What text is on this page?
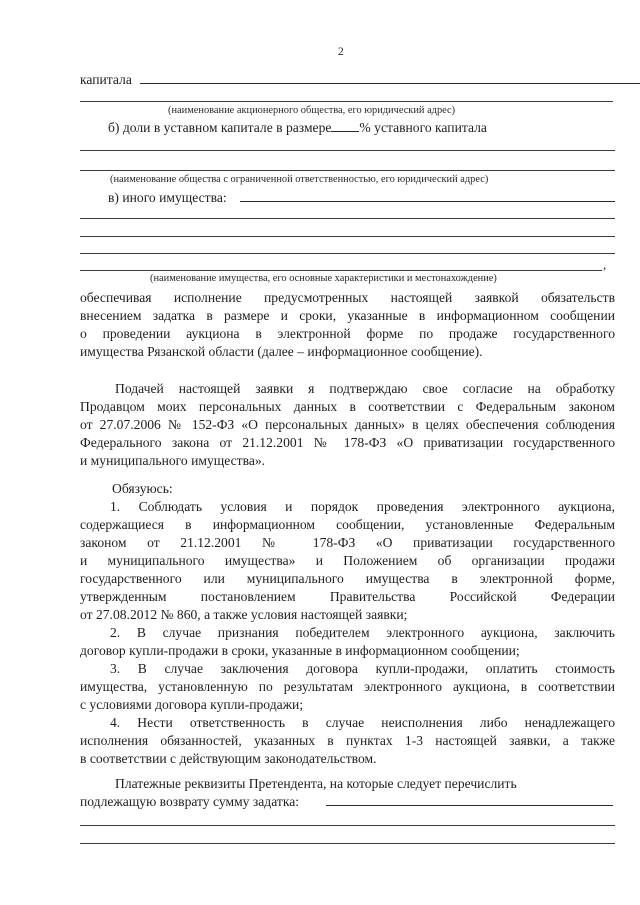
2
капитала
(наименование акционерного общества, его юридический адрес)
б) доли в уставном капитале в размере % уставного капитала
(наименование общества с ограниченной ответственностью, его юридический адрес)
в) иного имущества:
,
(наименование имущества, его основные характеристики и местонахождение)
обеспечивая исполнение предусмотренных настоящей заявкой обязательств
внесением задатка в размере и сроки, указанные в информационном сообщении
о проведении аукциона в электронной форме по продаже государственного
имущества Рязанской области (далее – информационное сообщение).
Подачей настоящей заявки я подтверждаю свое согласие на обработку
Продавцом моих персональных данных в соответствии с Федеральным законом
от 27.07.2006 № 152-ФЗ «О персональных данных» в целях обеспечения соблюдения
Федерального закона от 21.12.2001 № 178-ФЗ «О приватизации государственного
и муниципального имущества».
Обязуюсь:
1. Соблюдать условия и порядок проведения электронного аукциона,
содержащиеся в информационном сообщении, установленные Федеральным
законом от 21.12.2001 № 178-ФЗ «О приватизации государственного
и муниципального имущества» и Положением об организации продажи
государственного или муниципального имущества в электронной форме,
утвержденным постановлением Правительства Российской Федерации
от 27.08.2012 № 860, а также условия настоящей заявки;
2. В случае признания победителем электронного аукциона, заключить
договор купли-продажи в сроки, указанные в информационном сообщении;
3. В случае заключения договора купли-продажи, оплатить стоимость
имущества, установленную по результатам электронного аукциона, в соответствии
с условиями договора купли-продажи;
4. Нести ответственность в случае неисполнения либо ненадлежащего
исполнения обязанностей, указанных в пунктах 1-3 настоящей заявки, а также
в соответствии с действующим законодательством.
Платежные реквизиты Претендента, на которые следует перечислить
подлежащую возврату сумму задатка:
